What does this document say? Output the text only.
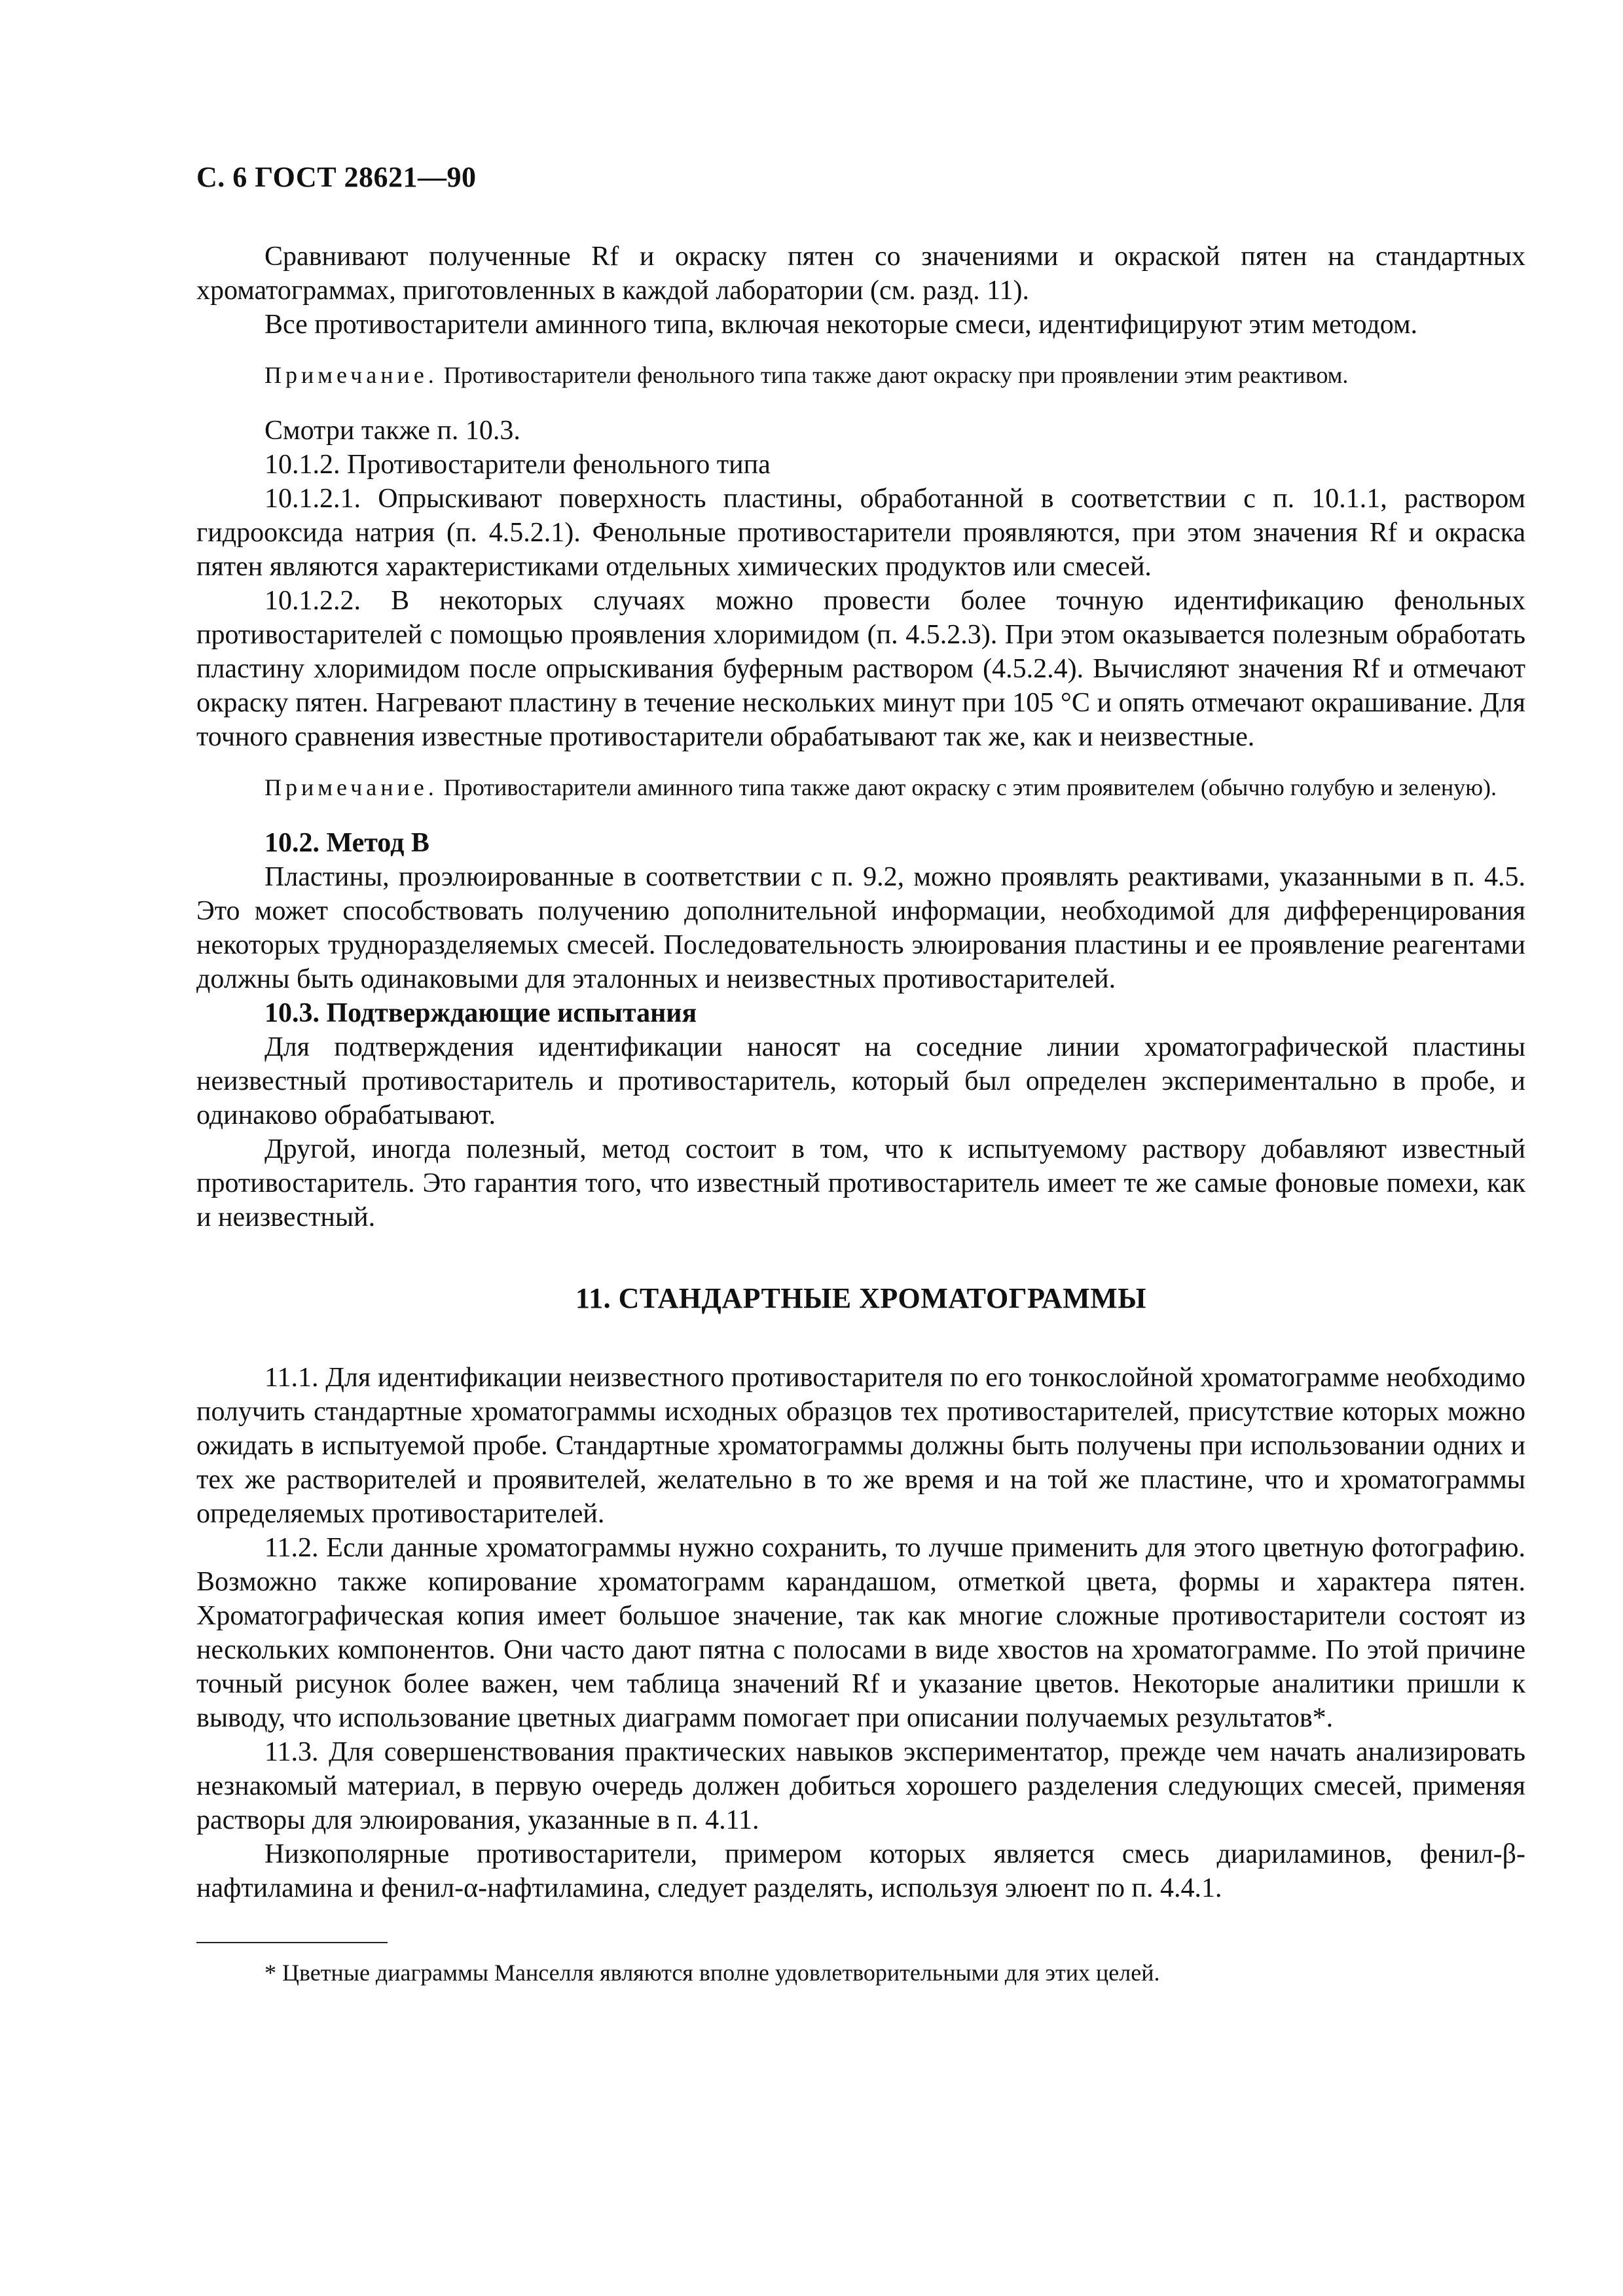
С. 6 ГОСТ 28621—90

Сравнивают полученные Rf и окраску пятен со значениями и окраской пятен на стандартных хроматограммах, приготовленных в каждой лаборатории (см. разд. 11).

Все противостарители аминного типа, включая некоторые смеси, идентифицируют этим методом.

Примечание. Противостарители фенольного типа также дают окраску при проявлении этим реактивом.

Смотри также п. 10.3.

10.1.2. Противостарители фенольного типа

10.1.2.1. Опрыскивают поверхность пластины, обработанной в соответствии с п. 10.1.1, раствором гидрооксида натрия (п. 4.5.2.1). Фенольные противостарители проявляются, при этом значения Rf и окраска пятен являются характеристиками отдельных химических продуктов или смесей.

10.1.2.2. В некоторых случаях можно провести более точную идентификацию фенольных противостарителей с помощью проявления хлоримидом (п. 4.5.2.3). При этом оказывается полезным обработать пластину хлоримидом после опрыскивания буферным раствором (4.5.2.4). Вычисляют значения Rf и отмечают окраску пятен. Нагревают пластину в течение нескольких минут при 105 °С и опять отмечают окрашивание. Для точного сравнения известные противостарители обрабатывают так же, как и неизвестные.

Примечание. Противостарители аминного типа также дают окраску с этим проявителем (обычно голубую и зеленую).

10.2. Метод В

Пластины, проэлюированные в соответствии с п. 9.2, можно проявлять реактивами, указанными в п. 4.5. Это может способствовать получению дополнительной информации, необходимой для дифференцирования некоторых трудноразделяемых смесей. Последовательность элюирования пластины и ее проявление реагентами должны быть одинаковыми для эталонных и неизвестных противостарителей.

10.3. Подтверждающие испытания

Для подтверждения идентификации наносят на соседние линии хроматографической пластины неизвестный противостаритель и противостаритель, который был определен экспериментально в пробе, и одинаково обрабатывают.

Другой, иногда полезный, метод состоит в том, что к испытуемому раствору добавляют известный противостаритель. Это гарантия того, что известный противостаритель имеет те же самые фоновые помехи, как и неизвестный.

11. СТАНДАРТНЫЕ ХРОМАТОГРАММЫ

11.1. Для идентификации неизвестного противостарителя по его тонкослойной хроматограмме необходимо получить стандартные хроматограммы исходных образцов тех противостарителей, присутствие которых можно ожидать в испытуемой пробе. Стандартные хроматограммы должны быть получены при использовании одних и тех же растворителей и проявителей, желательно в то же время и на той же пластине, что и хроматограммы определяемых противостарителей.

11.2. Если данные хроматограммы нужно сохранить, то лучше применить для этого цветную фотографию. Возможно также копирование хроматограмм карандашом, отметкой цвета, формы и характера пятен. Хроматографическая копия имеет большое значение, так как многие сложные противостарители состоят из нескольких компонентов. Они часто дают пятна с полосами в виде хвостов на хроматограмме. По этой причине точный рисунок более важен, чем таблица значений Rf и указание цветов. Некоторые аналитики пришли к выводу, что использование цветных диаграмм помогает при описании получаемых результатов*.

11.3. Для совершенствования практических навыков экспериментатор, прежде чем начать анализировать незнакомый материал, в первую очередь должен добиться хорошего разделения следующих смесей, применяя растворы для элюирования, указанные в п. 4.11.

Низкополярные противостарители, примером которых является смесь диариламинов, фенил-β-нафтиламина и фенил-α-нафтиламина, следует разделять, используя элюент по п. 4.4.1.

* Цветные диаграммы Манселля являются вполне удовлетворительными для этих целей.
